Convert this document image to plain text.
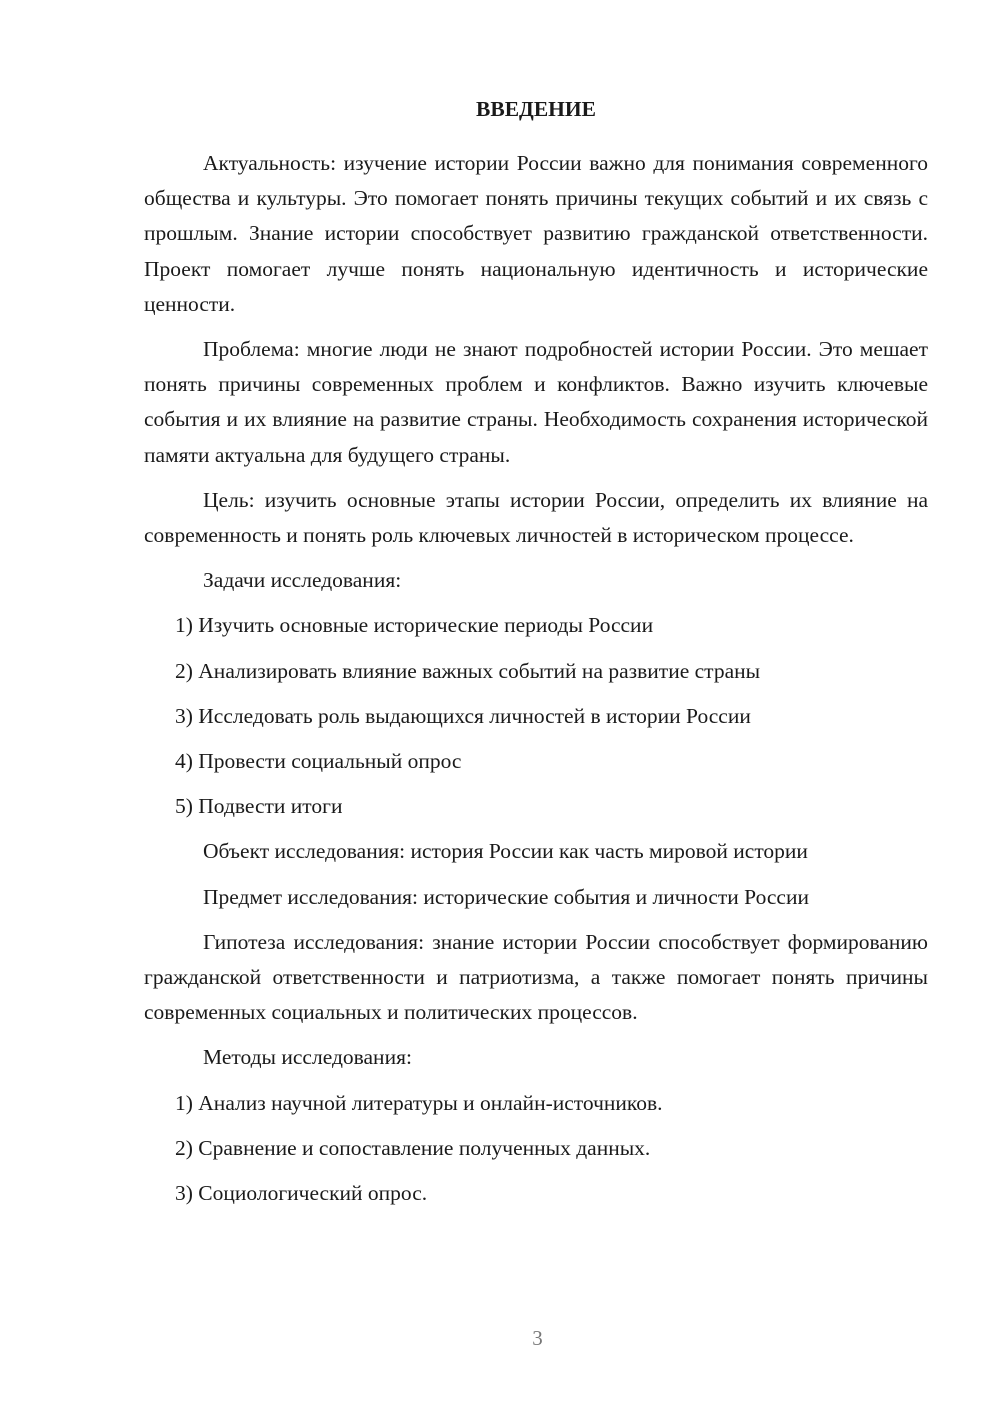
ВВЕДЕНИЕ

Актуальность: изучение истории России важно для понимания современного общества и культуры. Это помогает понять причины текущих событий и их связь с прошлым. Знание истории способствует развитию гражданской ответственности. Проект помогает лучше понять национальную идентичность и исторические ценности.

Проблема: многие люди не знают подробностей истории России. Это мешает понять причины современных проблем и конфликтов. Важно изучить ключевые события и их влияние на развитие страны. Необходимость сохранения исторической памяти актуальна для будущего страны.

Цель: изучить основные этапы истории России, определить их влияние на современность и понять роль ключевых личностей в историческом процессе.

Задачи исследования:

1) Изучить основные исторические периоды России
2) Анализировать влияние важных событий на развитие страны
3) Исследовать роль выдающихся личностей в истории России
4) Провести социальный опрос
5) Подвести итоги

Объект исследования: история России как часть мировой истории

Предмет исследования: исторические события и личности России

Гипотеза исследования: знание истории России способствует формированию гражданской ответственности и патриотизма, а также помогает понять причины современных социальных и политических процессов.

Методы исследования:

1) Анализ научной литературы и онлайн-источников.
2) Сравнение и сопоставление полученных данных.
3) Социологический опрос.
3
